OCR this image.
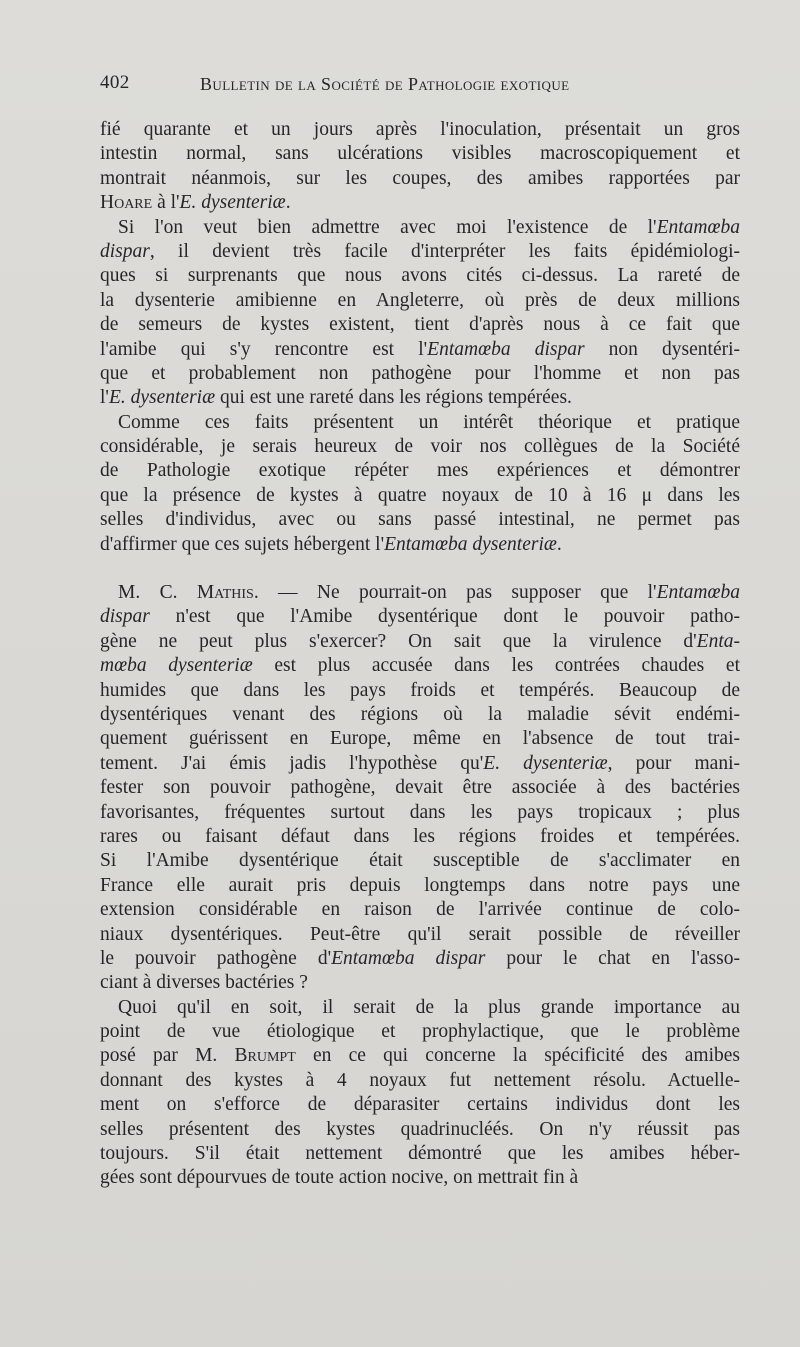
402	Bulletin de la Société de Pathologie exotique
fié quarante et un jours après l'inoculation, présentait un gros
intestin normal, sans ulcérations visibles macroscopiquement et
montrait néanmois, sur les coupes, des amibes rapportées par
Hoare à l'E. dysenteriæ.
Si l'on veut bien admettre avec moi l'existence de l'Entamœba
dispar, il devient très facile d'interpréter les faits épidémiologi-
ques si surprenants que nous avons cités ci-dessus. La rareté de
la dysenterie amibienne en Angleterre, où près de deux millions
de semeurs de kystes existent, tient d'après nous à ce fait que
l'amibe qui s'y rencontre est l'Entamœba dispar non dysentéri-
que et probablement non pathogène pour l'homme et non pas
l'E. dysenteriæ qui est une rareté dans les régions tempérées.
Comme ces faits présentent un intérêt théorique et pratique
considérable, je serais heureux de voir nos collègues de la Société
de Pathologie exotique répéter mes expériences et démontrer
que la présence de kystes à quatre noyaux de 10 à 16 μ dans les
selles d'individus, avec ou sans passé intestinal, ne permet pas
d'affirmer que ces sujets hébergent l'Entamœba dysenteriæ.
M. C. Mathis. — Ne pourrait-on pas supposer que l'Entamœba
dispar n'est que l'Amibe dysentérique dont le pouvoir patho-
gène ne peut plus s'exercer? On sait que la virulence d'Enta-
mœba dysenteriæ est plus accusée dans les contrées chaudes et
humides que dans les pays froids et tempérés. Beaucoup de
dysentériques venant des régions où la maladie sévit endémi-
quement guérissent en Europe, même en l'absence de tout trai-
tement. J'ai émis jadis l'hypothèse qu'E. dysenteriæ, pour mani-
fester son pouvoir pathogène, devait être associée à des bactéries
favorisantes, fréquentes surtout dans les pays tropicaux ; plus
rares ou faisant défaut dans les régions froides et tempérées.
Si l'Amibe dysentérique était susceptible de s'acclimater en
France elle aurait pris depuis longtemps dans notre pays une
extension considérable en raison de l'arrivée continue de colo-
niaux dysentériques. Peut-être qu'il serait possible de réveiller
le pouvoir pathogène d'Entamœba dispar pour le chat en l'asso-
ciant à diverses bactéries ?
Quoi qu'il en soit, il serait de la plus grande importance au
point de vue étiologique et prophylactique, que le problème
posé par M. Brumpt en ce qui concerne la spécificité des amibes
donnant des kystes à 4 noyaux fut nettement résolu. Actuelle-
ment on s'efforce de déparasiter certains individus dont les
selles présentent des kystes quadrinucléés. On n'y réussit pas
toujours. S'il était nettement démontré que les amibes héber-
gées sont dépourvues de toute action nocive, on mettrait fin à
